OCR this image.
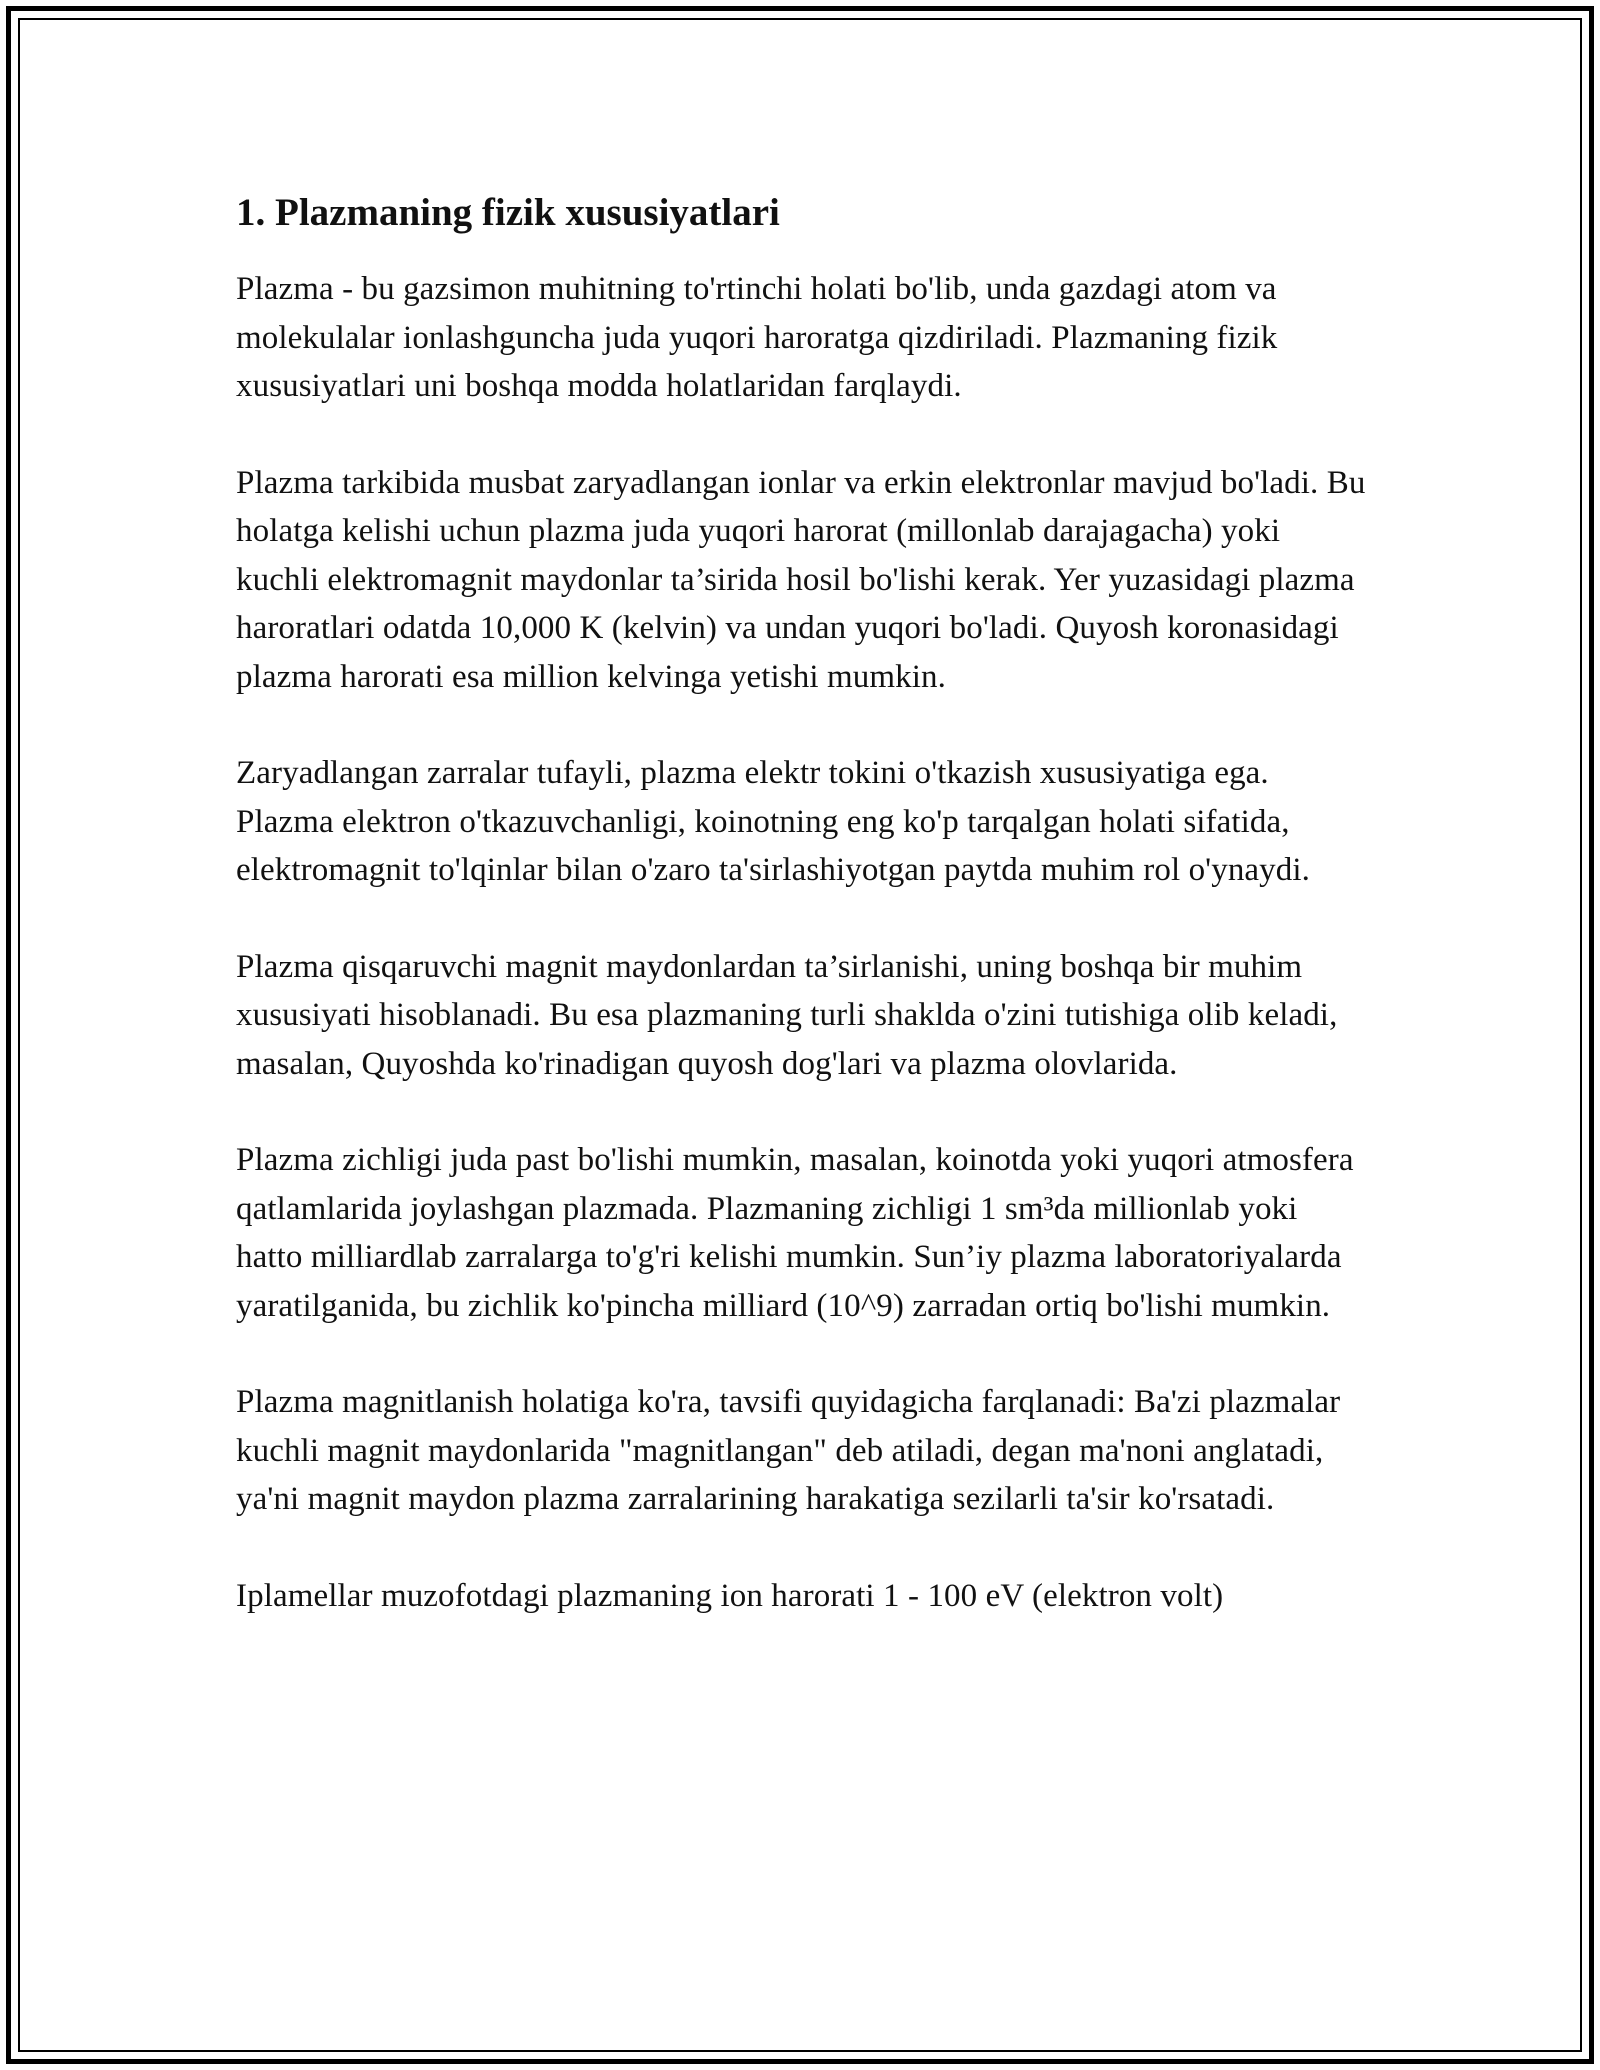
1. Plazmaning fizik xususiyatlari

Plazma - bu gazsimon muhitning to'rtinchi holati bo'lib, unda gazdagi atom va molekulalar ionlashguncha juda yuqori haroratga qizdiriladi. Plazmaning fizik xususiyatlari uni boshqa modda holatlaridan farqlaydi.

Plazma tarkibida musbat zaryadlangan ionlar va erkin elektronlar mavjud bo'ladi. Bu holatga kelishi uchun plazma juda yuqori harorat (millonlab darajagacha) yoki kuchli elektromagnit maydonlar ta’sirida hosil bo'lishi kerak. Yer yuzasidagi plazma haroratlari odatda 10,000 K (kelvin) va undan yuqori bo'ladi. Quyosh koronasidagi plazma harorati esa million kelvinga yetishi mumkin.

Zaryadlangan zarralar tufayli, plazma elektr tokini o'tkazish xususiyatiga ega. Plazma elektron o'tkazuvchanligi, koinotning eng ko'p tarqalgan holati sifatida, elektromagnit to'lqinlar bilan o'zaro ta'sirlashiyotgan paytda muhim rol o'ynaydi.

Plazma qisqaruvchi magnit maydonlardan ta’sirlanishi, uning boshqa bir muhim xususiyati hisoblanadi. Bu esa plazmaning turli shaklda o'zini tutishiga olib keladi, masalan, Quyoshda ko'rinadigan quyosh dog'lari va plazma olovlarida.

Plazma zichligi juda past bo'lishi mumkin, masalan, koinotda yoki yuqori atmosfera qatlamlarida joylashgan plazmada. Plazmaning zichligi 1 sm³da millionlab yoki hatto milliardlab zarralarga to'g'ri kelishi mumkin. Sun’iy plazma laboratoriyalarda yaratilganida, bu zichlik ko'pincha milliard (10^9) zarradan ortiq bo'lishi mumkin.

Plazma magnitlanish holatiga ko'ra, tavsifi quyidagicha farqlanadi: Ba'zi plazmalar kuchli magnit maydonlarida "magnitlangan" deb atiladi, degan ma'noni anglatadi, ya'ni magnit maydon plazma zarralarining harakatiga sezilarli ta'sir ko'rsatadi.

Iplamellar muzofotdagi plazmaning ion harorati 1 - 100 eV (elektron volt)
